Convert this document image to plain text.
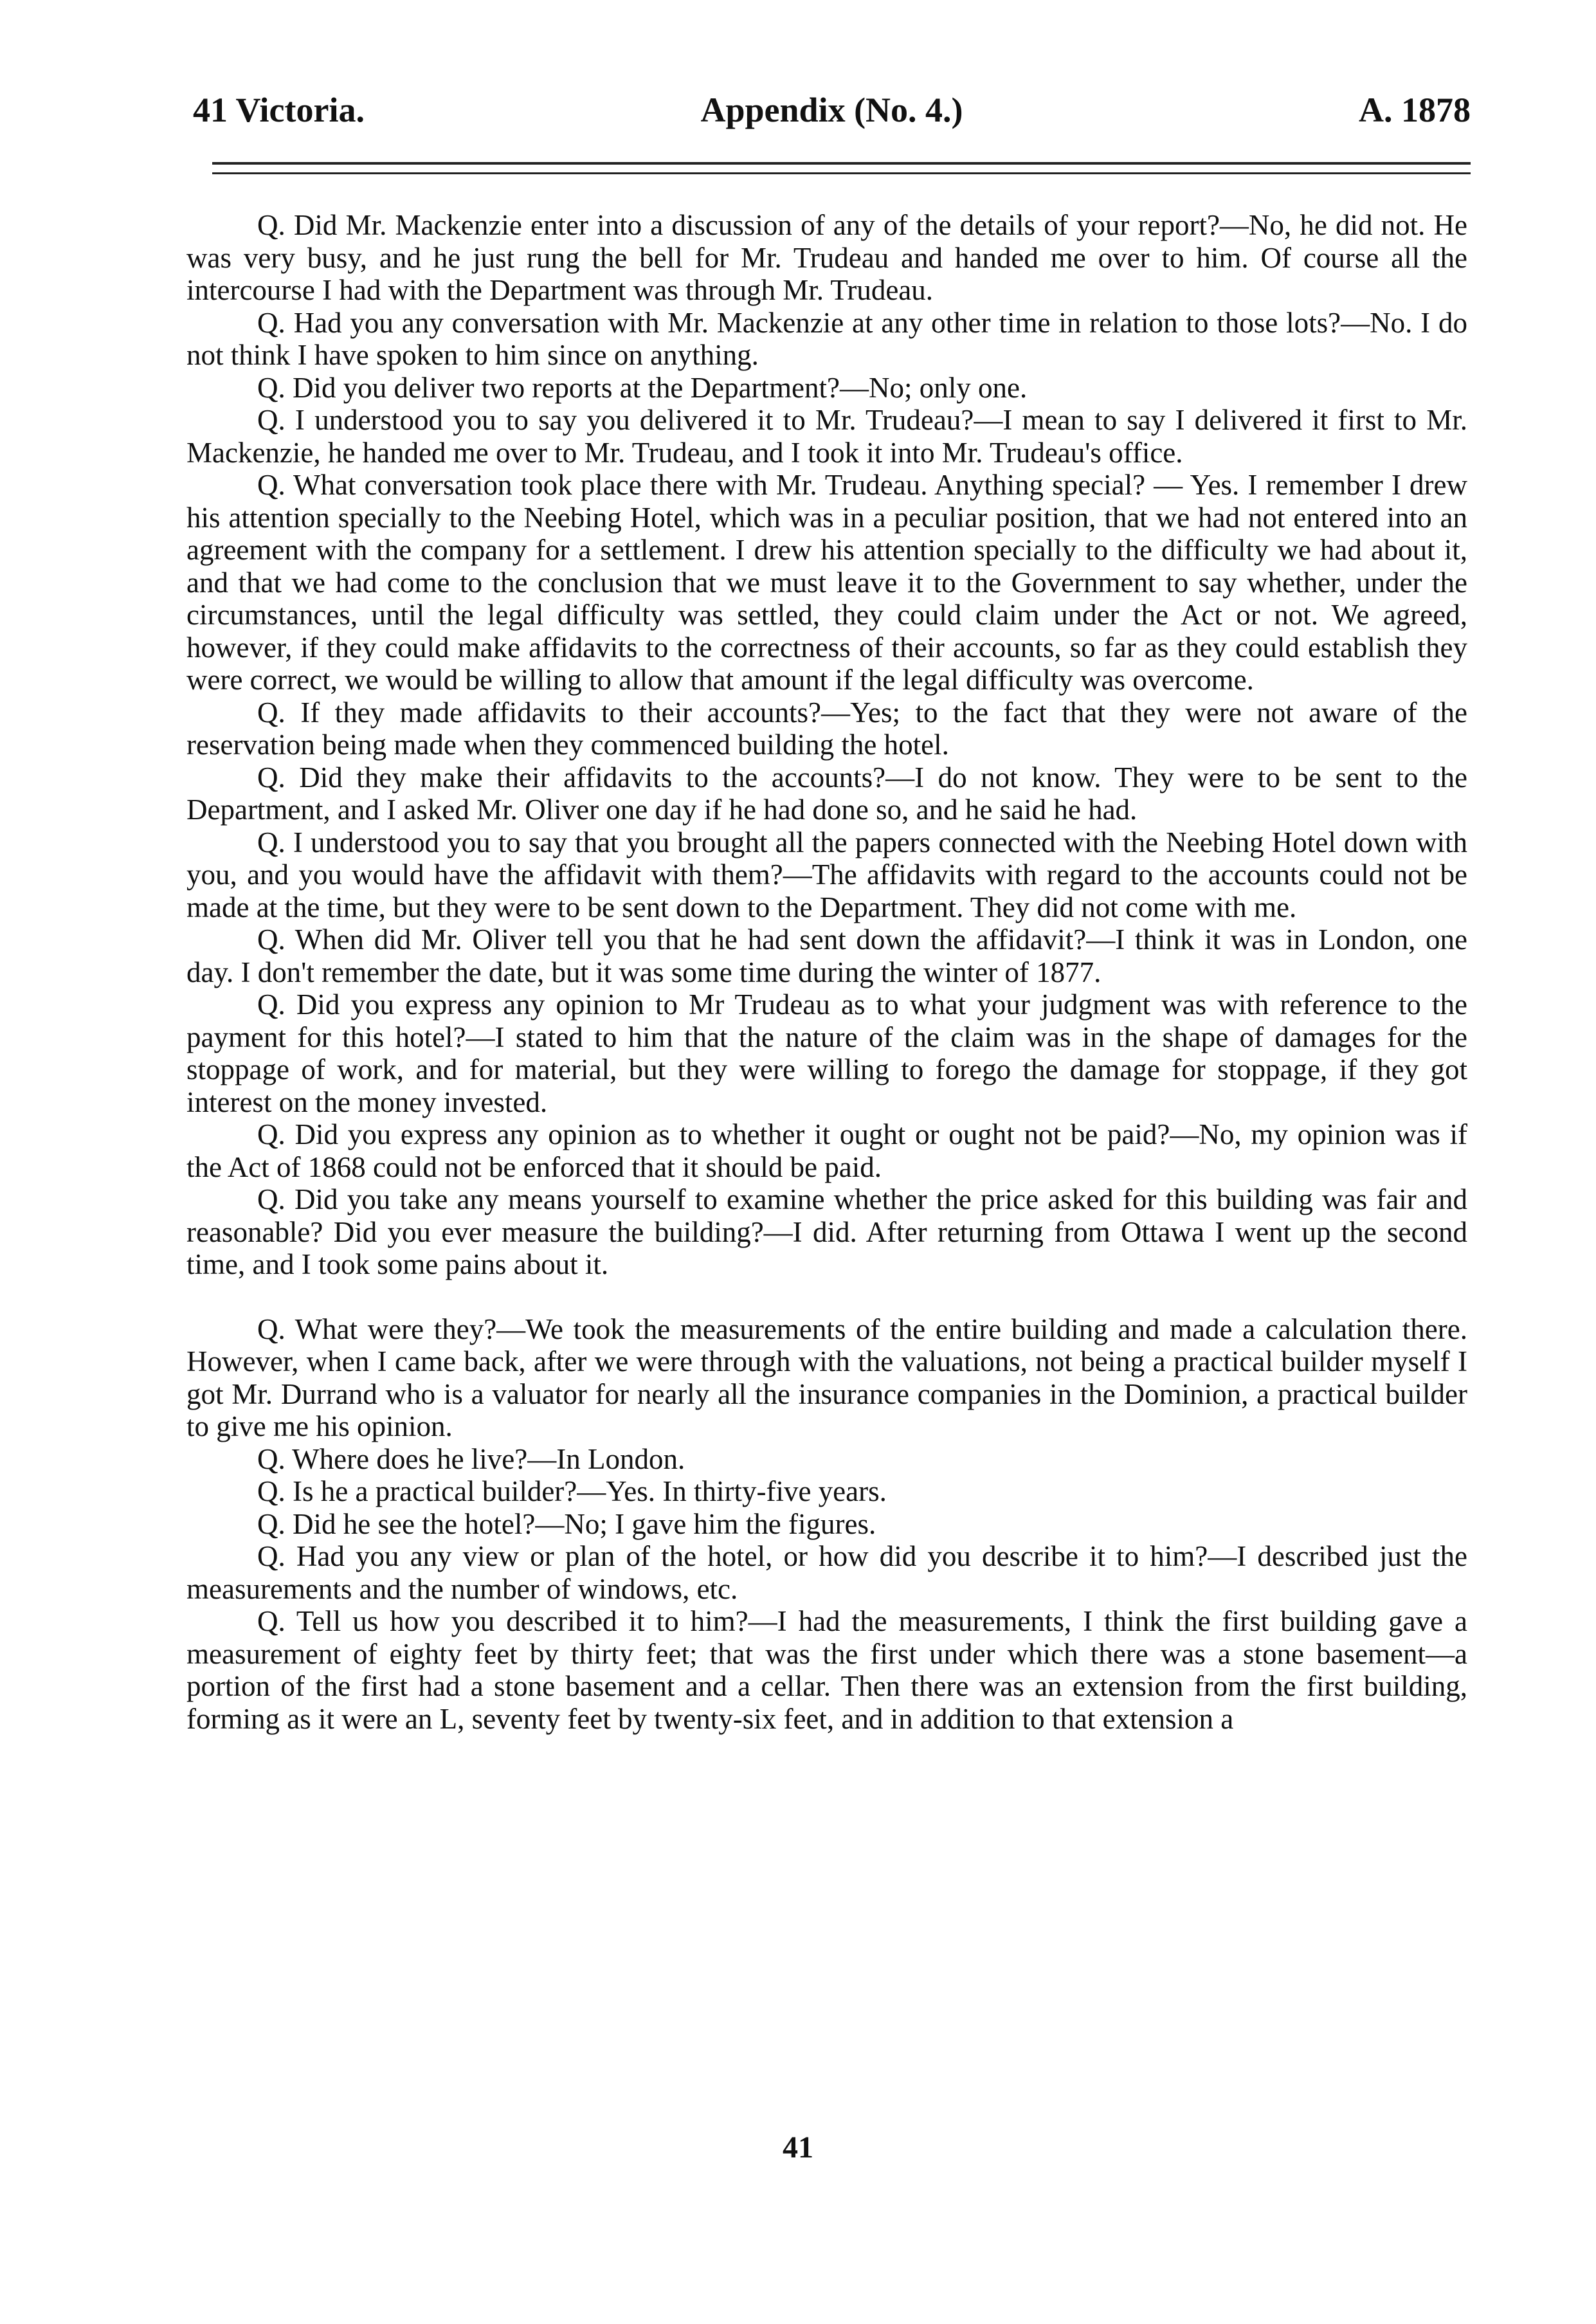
41 Victoria.	Appendix (No. 4.)	A. 1878

Q. Did Mr. Mackenzie enter into a discussion of any of the details of your report?—No, he did not. He was very busy, and he just rung the bell for Mr. Trudeau and handed me over to him. Of course all the intercourse I had with the Department was through Mr. Trudeau.

Q. Had you any conversation with Mr. Mackenzie at any other time in relation to those lots?—No. I do not think I have spoken to him since on anything.

Q. Did you deliver two reports at the Department?—No; only one.

Q. I understood you to say you delivered it to Mr. Trudeau?—I mean to say I delivered it first to Mr. Mackenzie, he handed me over to Mr. Trudeau, and I took it into Mr. Trudeau's office.

Q. What conversation took place there with Mr. Trudeau. Anything special? — Yes. I remember I drew his attention specially to the Neebing Hotel, which was in a peculiar position, that we had not entered into an agreement with the company for a settlement. I drew his attention specially to the difficulty we had about it, and that we had come to the conclusion that we must leave it to the Government to say whether, under the circumstances, until the legal difficulty was settled, they could claim under the Act or not. We agreed, however, if they could make affidavits to the correctness of their accounts, so far as they could establish they were correct, we would be willing to allow that amount if the legal difficulty was overcome.

Q. If they made affidavits to their accounts?—Yes; to the fact that they were not aware of the reservation being made when they commenced building the hotel.

Q. Did they make their affidavits to the accounts?—I do not know. They were to be sent to the Department, and I asked Mr. Oliver one day if he had done so, and he said he had.

Q. I understood you to say that you brought all the papers connected with the Neebing Hotel down with you, and you would have the affidavit with them?—The affidavits with regard to the accounts could not be made at the time, but they were to be sent down to the Department. They did not come with me.

Q. When did Mr. Oliver tell you that he had sent down the affidavit?—I think it was in London, one day. I don't remember the date, but it was some time during the winter of 1877.

Q. Did you express any opinion to Mr Trudeau as to what your judgment was with reference to the payment for this hotel?—I stated to him that the nature of the claim was in the shape of damages for the stoppage of work, and for material, but they were willing to forego the damage for stoppage, if they got interest on the money invested.

Q. Did you express any opinion as to whether it ought or ought not be paid?—No, my opinion was if the Act of 1868 could not be enforced that it should be paid.

Q. Did you take any means yourself to examine whether the price asked for this building was fair and reasonable? Did you ever measure the building?—I did. After returning from Ottawa I went up the second time, and I took some pains about it.

Q. What were they?—We took the measurements of the entire building and made a calculation there. However, when I came back, after we were through with the valuations, not being a practical builder myself I got Mr. Durrand who is a valuator for nearly all the insurance companies in the Dominion, a practical builder to give me his opinion.

Q. Where does he live?—In London.

Q. Is he a practical builder?—Yes. In thirty-five years.

Q. Did he see the hotel?—No; I gave him the figures.

Q. Had you any view or plan of the hotel, or how did you describe it to him?—I described just the measurements and the number of windows, etc.

Q. Tell us how you described it to him?—I had the measurements, I think the first building gave a measurement of eighty feet by thirty feet; that was the first under which there was a stone basement—a portion of the first had a stone basement and a cellar. Then there was an extension from the first building, forming as it were an L, seventy feet by twenty-six feet, and in addition to that extension a

41
